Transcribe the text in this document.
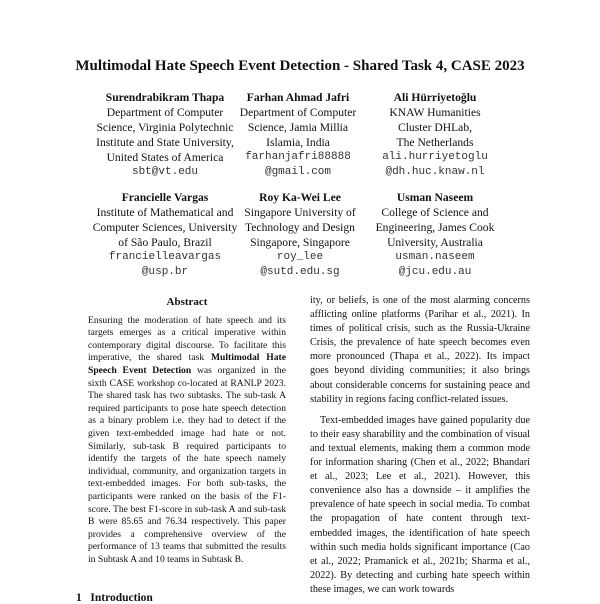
Multimodal Hate Speech Event Detection - Shared Task 4, CASE 2023
Surendrabikram Thapa
Department of Computer
Science, Virginia Polytechnic
Institute and State University,
United States of America
sbt@vt.edu
Farhan Ahmad Jafri
Department of Computer
Science, Jamia Millia
Islamia, India
farhanjafri88888
@gmail.com
Ali Hürriyetoğlu
KNAW Humanities
Cluster DHLab,
The Netherlands
ali.hurriyetoglu
@dh.huc.knaw.nl
Francielle Vargas
Institute of Mathematical and
Computer Sciences, University
of São Paulo, Brazil
francielleavargas
@usp.br
Roy Ka-Wei Lee
Singapore University of
Technology and Design
Singapore, Singapore
roy_lee
@sutd.edu.sg
Usman Naseem
College of Science and
Engineering, James Cook
University, Australia
usman.naseem
@jcu.edu.au
Abstract

Ensuring the moderation of hate speech and its targets emerges as a critical imperative within contemporary digital discourse. To facilitate this imperative, the shared task Multimodal Hate Speech Event Detection was organized in the sixth CASE workshop co-located at RANLP 2023. The shared task has two subtasks. The sub-task A required participants to pose hate speech detection as a binary problem i.e. they had to detect if the given text-embedded image had hate or not. Similarly, sub-task B required participants to identify the targets of the hate speech namely individual, community, and organization targets in text-embedded images. For both sub-tasks, the participants were ranked on the basis of the F1-score. The best F1-score in sub-task A and sub-task B were 85.65 and 76.34 respectively. This paper provides a comprehensive overview of the performance of 13 teams that submitted the results in Subtask A and 10 teams in Subtask B.

1 Introduction

ity, or beliefs, is one of the most alarming concerns afflicting online platforms (Parihar et al., 2021). In times of political crisis, such as the Russia-Ukraine Crisis, the prevalence of hate speech becomes even more pronounced (Thapa et al., 2022). Its impact goes beyond dividing communities; it also brings about considerable concerns for sustaining peace and stability in regions facing conflict-related issues.

Text-embedded images have gained popularity due to their easy sharability and the combination of visual and textual elements, making them a common mode for information sharing (Chen et al., 2022; Bhandari et al., 2023; Lee et al., 2021). However, this convenience also has a downside – it amplifies the prevalence of hate speech in social media. To combat the propagation of hate content through text-embedded images, the identification of hate speech within such media holds significant importance (Cao et al., 2022; Pramanick et al., 2021b; Sharma et al., 2022). By detecting and curbing hate speech within these images, we can work towards
